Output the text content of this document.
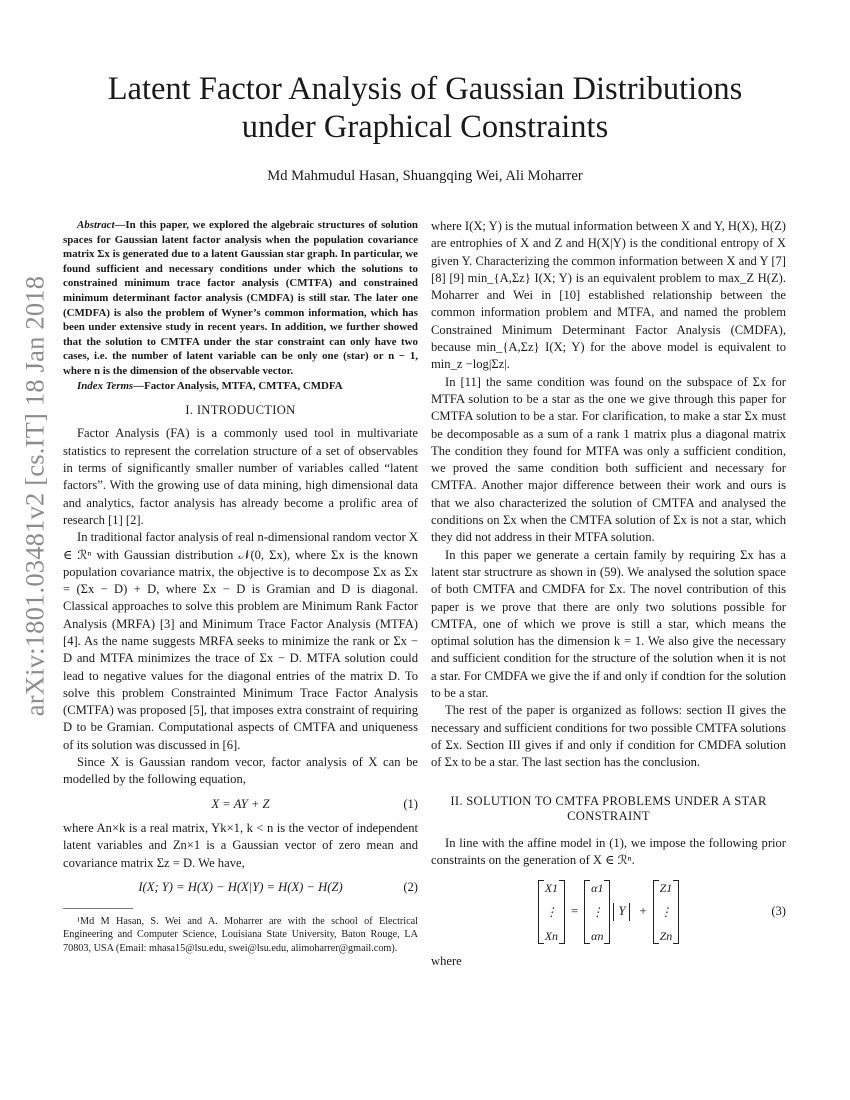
arXiv:1801.03481v2 [cs.IT] 18 Jan 2018
Latent Factor Analysis of Gaussian Distributions
under Graphical Constraints
Md Mahmudul Hasan, Shuangqing Wei, Ali Moharrer

Abstract—In this paper, we explored the algebraic structures of solution spaces for Gaussian latent factor analysis when the population covariance matrix Σx is generated due to a latent Gaussian star graph. In particular, we found sufficient and necessary conditions under which the solutions to constrained minimum trace factor analysis (CMTFA) and constrained minimum determinant factor analysis (CMDFA) is still star. The later one (CMDFA) is also the problem of Wyner’s common information, which has been under extensive study in recent years. In addition, we further showed that the solution to CMTFA under the star constraint can only have two cases, i.e. the number of latent variable can be only one (star) or n − 1, where n is the dimension of the observable vector.

Index Terms—Factor Analysis, MTFA, CMTFA, CMDFA

I. INTRODUCTION

Factor Analysis (FA) is a commonly used tool in multivariate statistics to represent the correlation structure of a set of observables in terms of significantly smaller number of variables called “latent factors”. With the growing use of data mining, high dimensional data and analytics, factor analysis has already become a prolific area of research [1] [2].

In traditional factor analysis of real n-dimensional random vector X ∈ ℛⁿ with Gaussian distribution 𝒩(0, Σx), where Σx is the known population covariance matrix, the objective is to decompose Σx as Σx = (Σx − D) + D, where Σx − D is Gramian and D is diagonal. Classical approaches to solve this problem are Minimum Rank Factor Analysis (MRFA) [3] and Minimum Trace Factor Analysis (MTFA) [4]. As the name suggests MRFA seeks to minimize the rank or Σx − D and MTFA minimizes the trace of Σx − D. MTFA solution could lead to negative values for the diagonal entries of the matrix D. To solve this problem Constrainted Minimum Trace Factor Analysis (CMTFA) was proposed [5], that imposes extra constraint of requiring D to be Gramian. Computational aspects of CMTFA and uniqueness of its solution was discussed in [6].

Since X is Gaussian random vecor, factor analysis of X can be modelled by the following equation,

X = AY + Z	(1)

where An×k is a real matrix, Yk×1, k < n is the vector of independent latent variables and Zn×1 is a Gaussian vector of zero mean and covariance matrix Σz = D. We have,

I(X; Y) = H(X) − H(X|Y) = H(X) − H(Z)	(2)

¹Md M Hasan, S. Wei and A. Moharrer are with the school of Electrical Engineering and Computer Science, Louisiana State University, Baton Rouge, LA 70803, USA (Email: mhasa15@lsu.edu, swei@lsu.edu, alimoharrer@gmail.com).

where I(X; Y) is the mutual information between X and Y, H(X), H(Z) are entrophies of X and Z and H(X|Y) is the conditional entropy of X given Y. Characterizing the common information between X and Y [7] [8] [9] min_{A,Σz} I(X; Y) is an equivalent problem to max_Z H(Z). Moharrer and Wei in [10] established relationship between the common information problem and MTFA, and named the problem Constrained Minimum Determinant Factor Analysis (CMDFA), because min_{A,Σz} I(X; Y) for the above model is equivalent to min_z −log|Σz|.

In [11] the same condition was found on the subspace of Σx for MTFA solution to be a star as the one we give through this paper for CMTFA solution to be a star. For clarification, to make a star Σx must be decomposable as a sum of a rank 1 matrix plus a diagonal matrix The condition they found for MTFA was only a sufficient condition, we proved the same condition both sufficient and necessary for CMTFA. Another major difference between their work and ours is that we also characterized the solution of CMTFA and analysed the conditions on Σx when the CMTFA solution of Σx is not a star, which they did not address in their MTFA solution.

In this paper we generate a certain family by requiring Σx has a latent star structrure as shown in (59). We analysed the solution space of both CMTFA and CMDFA for Σx. The novel contribution of this paper is we prove that there are only two solutions possible for CMTFA, one of which we prove is still a star, which means the optimal solution has the dimension k = 1. We also give the necessary and sufficient condition for the structure of the solution when it is not a star. For CMDFA we give the if and only if condtion for the solution to be a star.

The rest of the paper is organized as follows: section II gives the necessary and sufficient conditions for two possible CMTFA solutions of Σx. Section III gives if and only if condition for CMDFA solution of Σx to be a star. The last section has the conclusion.

II. SOLUTION TO CMTFA PROBLEMS UNDER A STAR
CONSTRAINT

In line with the affine model in (1), we impose the following prior constraints on the generation of X ∈ ℛⁿ.

X1
⋮
Xn
=
α1
⋮
αn
Y	+
Z1
⋮
Zn
(3)

where
